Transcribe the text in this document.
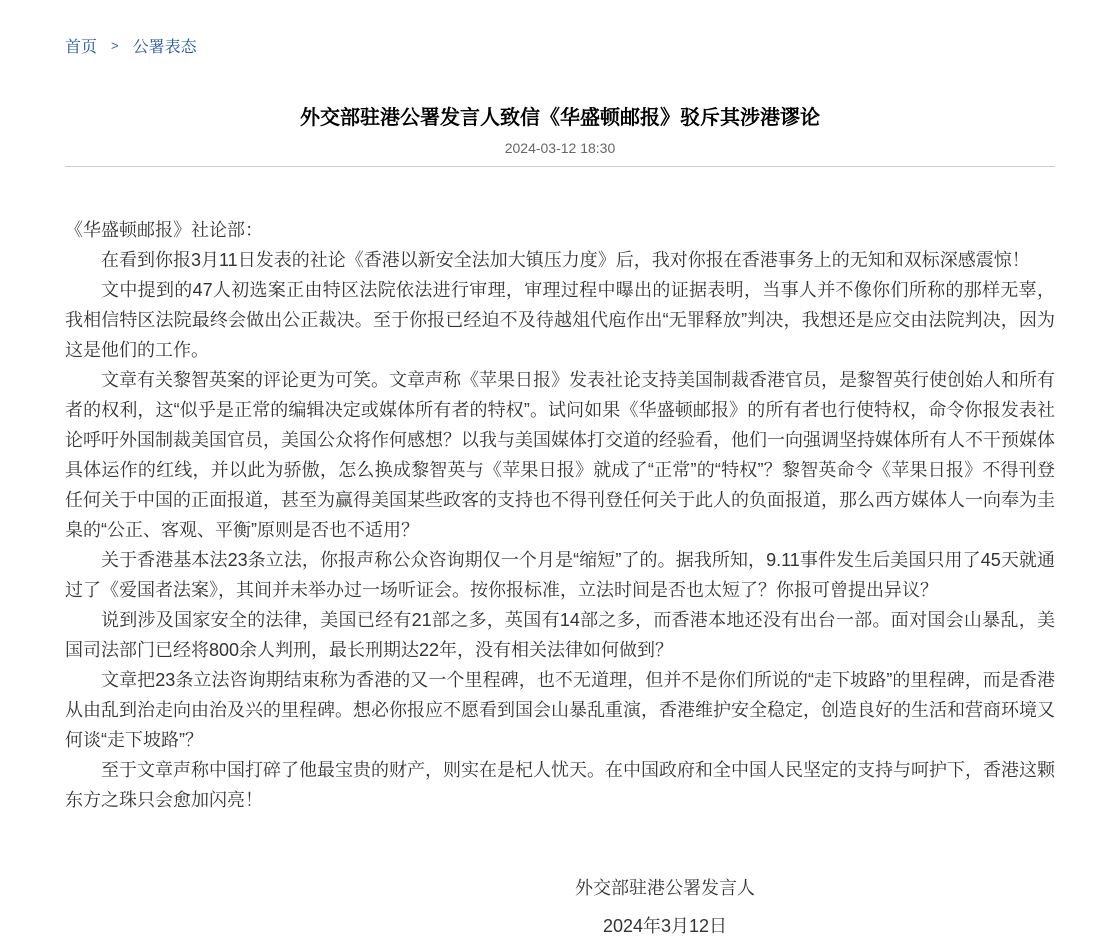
首页 > 公署表态
外交部驻港公署发言人致信《华盛顿邮报》驳斥其涉港谬论
2024-03-12 18:30

《华盛顿邮报》社论部：

在看到你报3月11日发表的社论《香港以新安全法加大镇压力度》后，我对你报在香港事务上的无知和双标深感震惊！

文中提到的47人初选案正由特区法院依法进行审理，审理过程中曝出的证据表明，当事人并不像你们所称的那样无辜，我相信特区法院最终会做出公正裁决。至于你报已经迫不及待越俎代庖作出“无罪释放”判决，我想还是应交由法院判决，因为这是他们的工作。

文章有关黎智英案的评论更为可笑。文章声称《苹果日报》发表社论支持美国制裁香港官员，是黎智英行使创始人和所有者的权利，这“似乎是正常的编辑决定或媒体所有者的特权”。试问如果《华盛顿邮报》的所有者也行使特权，命令你报发表社论呼吁外国制裁美国官员，美国公众将作何感想？以我与美国媒体打交道的经验看，他们一向强调坚持媒体所有人不干预媒体具体运作的红线，并以此为骄傲，怎么换成黎智英与《苹果日报》就成了“正常”的“特权”？黎智英命令《苹果日报》不得刊登任何关于中国的正面报道，甚至为赢得美国某些政客的支持也不得刊登任何关于此人的负面报道，那么西方媒体人一向奉为圭臬的“公正、客观、平衡”原则是否也不适用？

关于香港基本法23条立法，你报声称公众咨询期仅一个月是“缩短”了的。据我所知，9.11事件发生后美国只用了45天就通过了《爱国者法案》，其间并未举办过一场听证会。按你报标准，立法时间是否也太短了？你报可曾提出异议？

说到涉及国家安全的法律，美国已经有21部之多，英国有14部之多，而香港本地还没有出台一部。面对国会山暴乱，美国司法部门已经将800余人判刑，最长刑期达22年，没有相关法律如何做到？

文章把23条立法咨询期结束称为香港的又一个里程碑，也不无道理，但并不是你们所说的“走下坡路”的里程碑，而是香港从由乱到治走向由治及兴的里程碑。想必你报应不愿看到国会山暴乱重演，香港维护安全稳定，创造良好的生活和营商环境又何谈“走下坡路”？

至于文章声称中国打碎了他最宝贵的财产，则实在是杞人忧天。在中国政府和全中国人民坚定的支持与呵护下，香港这颗东方之珠只会愈加闪亮！

外交部驻港公署发言人
2024年3月12日
